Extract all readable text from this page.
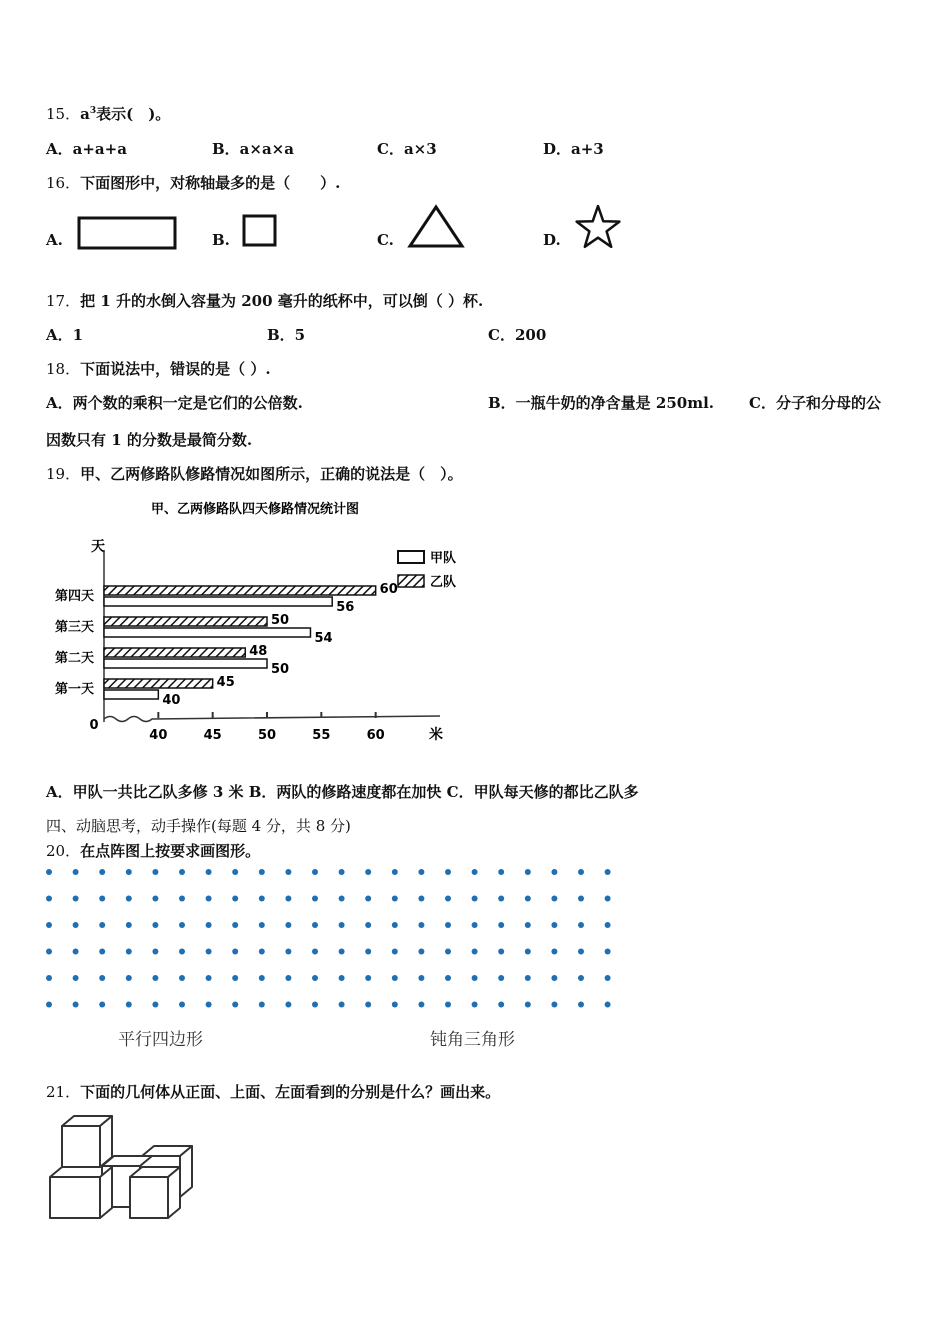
15．$a^3$表示(　)。
A．a+a+a	B．a×a×a	C．a×3	D．a+3
16．下面图形中，对称轴最多的是（　　）.
A.	B.	C.	D.
17．把 1 升的水倒入容量为 200 毫升的纸杯中，可以倒（ ）杯.
A．1	B．5	C．200
18．下面说法中，错误的是（ ）.
A．两个数的乘积一定是它们的公倍数.	B．一瓶牛奶的净含量是 250ml. C．分子和分母的公
因数只有 1 的分数是最简分数.
19．甲、乙两修路队修路情况如图所示，正确的说法是（　）。
甲、乙两修路队四天修路情况统计图
天
米
0
40	45	50	55	60
第一天	45
40
第二天	48
50
第三天	50
54
第四天	60
56
甲队
乙队
A．甲队一共比乙队多修 3 米 B．两队的修路速度都在加快 C．甲队每天修的都比乙队多
四、动脑思考，动手操作(每题 4 分，共 8 分)
20．在点阵图上按要求画图形。
平行四边形	钝角三角形
21．下面的几何体从正面、上面、左面看到的分别是什么？画出来。
